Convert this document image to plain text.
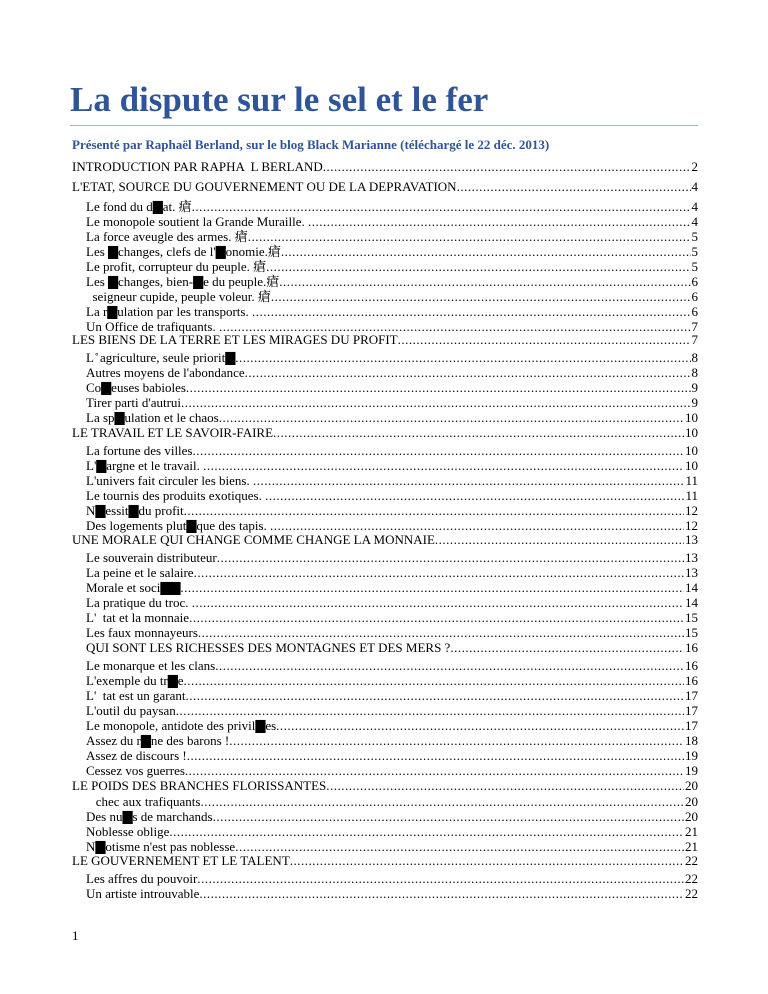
La dispute sur le sel et le fer
Présenté par Raphaël Berland, sur le blog Black Marianne (téléchargé le 22 déc. 2013)
INTRODUCTION PAR RAPHA  L BERLAND .....	2
L'ETAT, SOURCE DU GOUVERNEMENT OU DE LA DEPRAVATION .....	4
Le fond du d▇at. 瘡 .....	4
Le monopole soutient la Grande Muraille. .....	4
La force aveugle des armes. 瘡 .....	5
Les ▇changes, clefs de l'▇onomie.瘡 .....	5
Le profit, corrupteur du peuple. 瘡 .....	5
Les ▇changes, bien-▇e du peuple.瘡 .....	6
seigneur cupide, peuple voleur. 瘡 .....	6
La r▇ulation par les transports. .....	6
Un Office de trafiquants. .....	7
LES BIENS DE LA TERRE ET LES MIRAGES DU PROFIT .....	7
L ̊ agriculture, seule priorit▇ .....	8
Autres moyens de l'abondance .....	8
Co▇euses babioles .....	9
Tirer parti d'autrui .....	9
La sp▇ulation et le chaos .....	10
LE TRAVAIL ET LE SAVOIR-FAIRE .....	10
La fortune des villes .....	10
L'▇argne et le travail. .....	10
L'univers fait circuler les biens. .....	11
Le tournis des produits exotiques. .....	11
N▇essit▇du profit .....	12
Des logements plut▇que des tapis. .....	12
UNE MORALE QUI CHANGE COMME CHANGE LA MONNAIE .....	13
Le souverain distributeur .....	13
La peine et le salaire .....	13
Morale et soci▇▇ .....	14
La pratique du troc. .....	14
L'  tat et la monnaie .....	15
Les faux monnayeurs .....	15
QUI SONT LES RICHESSES DES MONTAGNES ET DES MERS ? .....	16
Le monarque et les clans .....	16
L'exemple du tr▇e .....	16
L'  tat est un garant .....	17
L'outil du paysan .....	17
Le monopole, antidote des privil▇es .....	17
Assez du r▇ne des barons ! .....	18
Assez de discours ! .....	19
Cessez vos guerres .....	19
LE POIDS DES BRANCHES FLORISSANTES .....	20
chec aux trafiquants .....	20
Des nu▇s de marchands .....	20
Noblesse oblige .....	21
N▇otisme n'est pas noblesse .....	21
LE GOUVERNEMENT ET LE TALENT .....	22
Les affres du pouvoir .....	22
Un artiste introuvable .....	22
1
